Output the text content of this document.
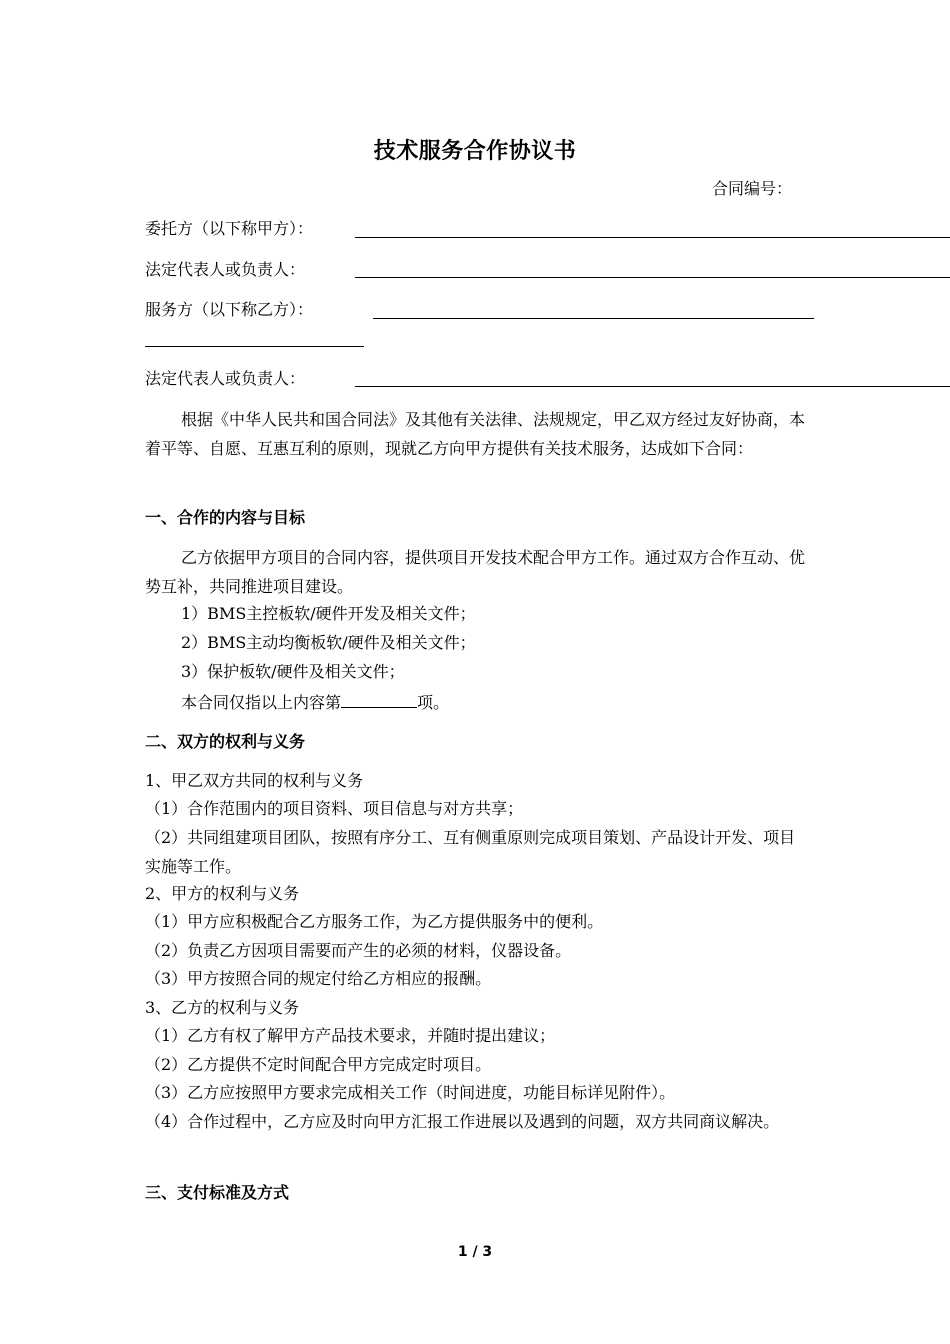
技术服务合作协议书
合同编号：
委托方（以下称甲方）：
法定代表人或负责人：
服务方（以下称乙方）：
法定代表人或负责人：
根据《中华人民共和国合同法》及其他有关法律、法规规定，甲乙双方经过友好协商，本着平等、自愿、互惠互利的原则，现就乙方向甲方提供有关技术服务，达成如下合同：
一、合作的内容与目标
乙方依据甲方项目的合同内容，提供项目开发技术配合甲方工作。通过双方合作互动、优势互补，共同推进项目建设。
1）BMS主控板软/硬件开发及相关文件；
2）BMS主动均衡板软/硬件及相关文件；
3）保护板软/硬件及相关文件；
本合同仅指以上内容第	项。
二、双方的权利与义务
1、甲乙双方共同的权利与义务
（1）合作范围内的项目资料、项目信息与对方共享；
（2）共同组建项目团队，按照有序分工、互有侧重原则完成项目策划、产品设计开发、项目实施等工作。
2、甲方的权利与义务
（1）甲方应积极配合乙方服务工作，为乙方提供服务中的便利。
（2）负责乙方因项目需要而产生的必须的材料，仪器设备。
（3）甲方按照合同的规定付给乙方相应的报酬。
3、乙方的权利与义务
（1）乙方有权了解甲方产品技术要求，并随时提出建议；
（2）乙方提供不定时间配合甲方完成定时项目。
（3）乙方应按照甲方要求完成相关工作（时间进度，功能目标详见附件）。
（4）合作过程中，乙方应及时向甲方汇报工作进展以及遇到的问题，双方共同商议解决。
三、支付标准及方式
1 / 3
